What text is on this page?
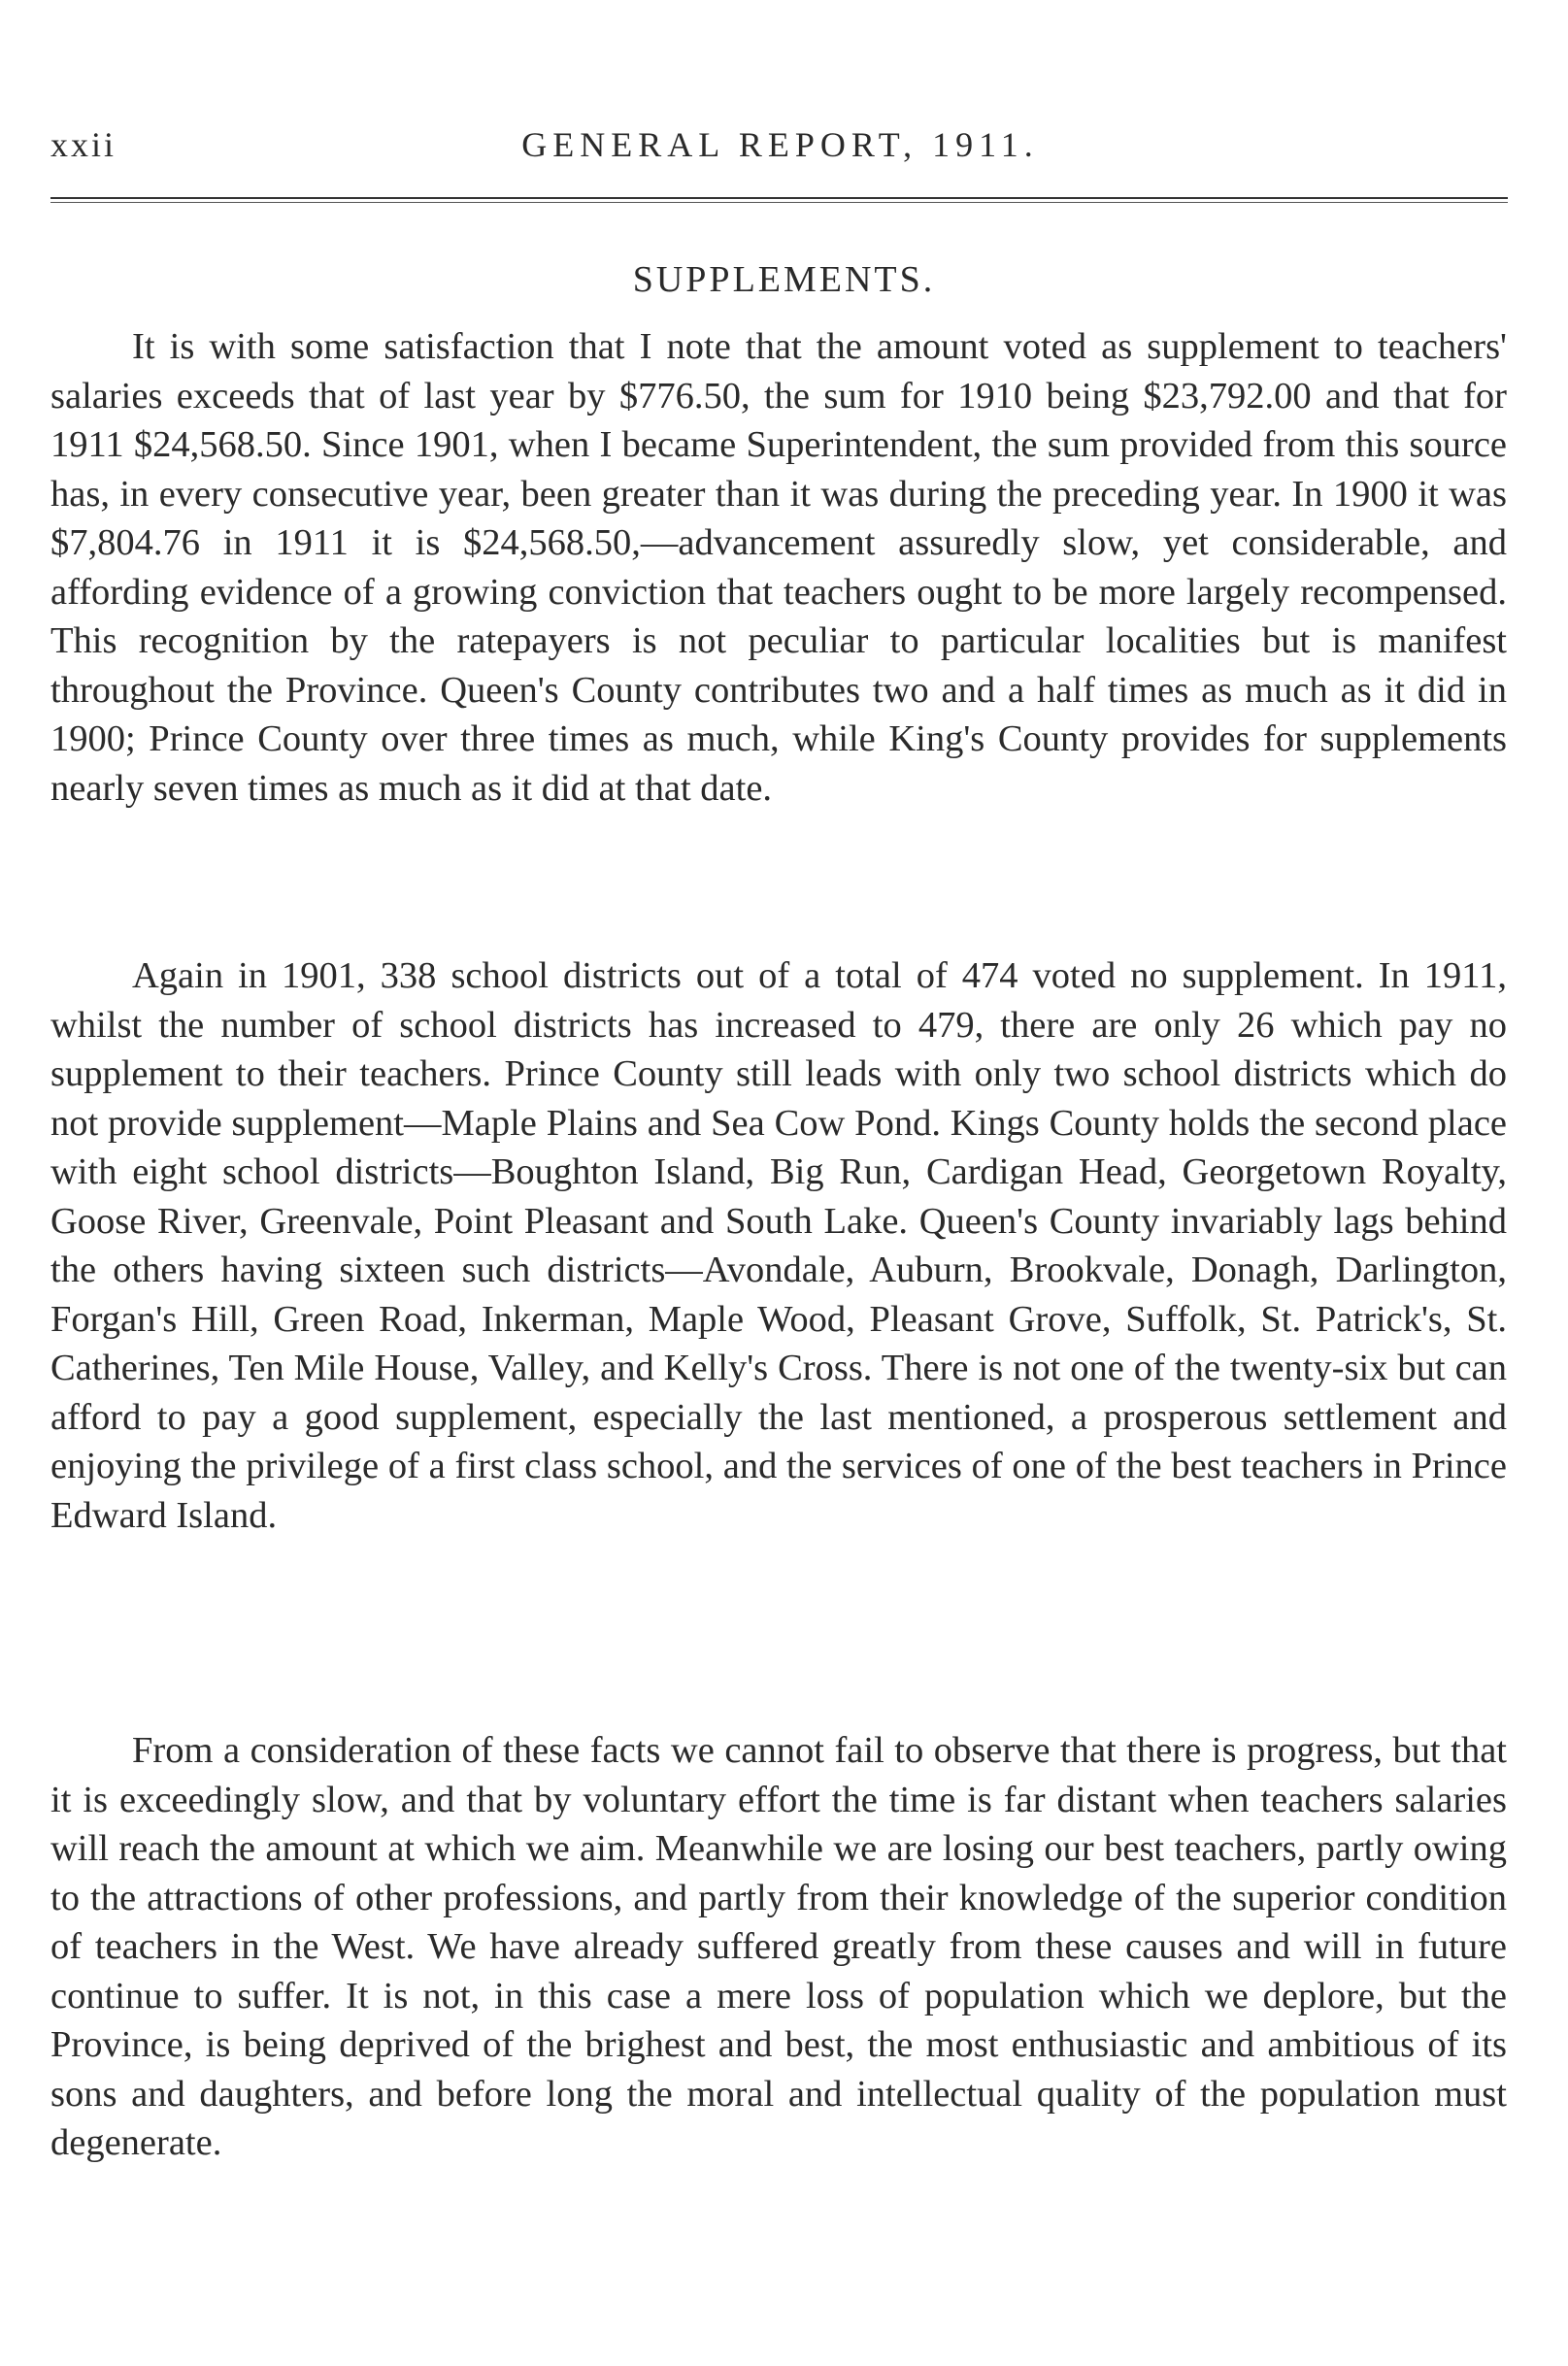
xxii	GENERAL REPORT, 1911.
SUPPLEMENTS.

It is with some satisfaction that I note that the amount voted as supplement to teachers' salaries exceeds that of last year by $776.50, the sum for 1910 being $23,792.00 and that for 1911 $24,568.50. Since 1901, when I became Superintendent, the sum provided from this source has, in every consecutive year, been greater than it was during the preceding year. In 1900 it was $7,804.76 in 1911 it is $24,568.50,—advancement assuredly slow, yet considerable, and affording evidence of a growing conviction that teachers ought to be more largely recompensed. This recognition by the ratepayers is not peculiar to particular localities but is manifest throughout the Province. Queen's County contributes two and a half times as much as it did in 1900; Prince County over three times as much, while King's County provides for supplements nearly seven times as much as it did at that date.

Again in 1901, 338 school districts out of a total of 474 voted no supplement. In 1911, whilst the number of school districts has increased to 479, there are only 26 which pay no supplement to their teachers. Prince County still leads with only two school districts which do not provide supplement—Maple Plains and Sea Cow Pond. Kings County holds the second place with eight school districts—Boughton Island, Big Run, Cardigan Head, Georgetown Royalty, Goose River, Greenvale, Point Pleasant and South Lake. Queen's County invariably lags behind the others having sixteen such districts—Avondale, Auburn, Brookvale, Donagh, Darlington, Forgan's Hill, Green Road, Inkerman, Maple Wood, Pleasant Grove, Suffolk, St. Patrick's, St. Catherines, Ten Mile House, Valley, and Kelly's Cross. There is not one of the twenty-six but can afford to pay a good supplement, especially the last mentioned, a prosperous settlement and enjoying the privilege of a first class school, and the services of one of the best teachers in Prince Edward Island.

From a consideration of these facts we cannot fail to observe that there is progress, but that it is exceedingly slow, and that by voluntary effort the time is far distant when teachers salaries will reach the amount at which we aim. Meanwhile we are losing our best teachers, partly owing to the attractions of other professions, and partly from their knowledge of the superior condition of teachers in the West. We have already suffered greatly from these causes and will in future continue to suffer. It is not, in this case a mere loss of population which we deplore, but the Province, is being deprived of the brighest and best, the most enthusiastic and ambitious of its sons and daughters, and before long the moral and intellectual quality of the population must degenerate.
